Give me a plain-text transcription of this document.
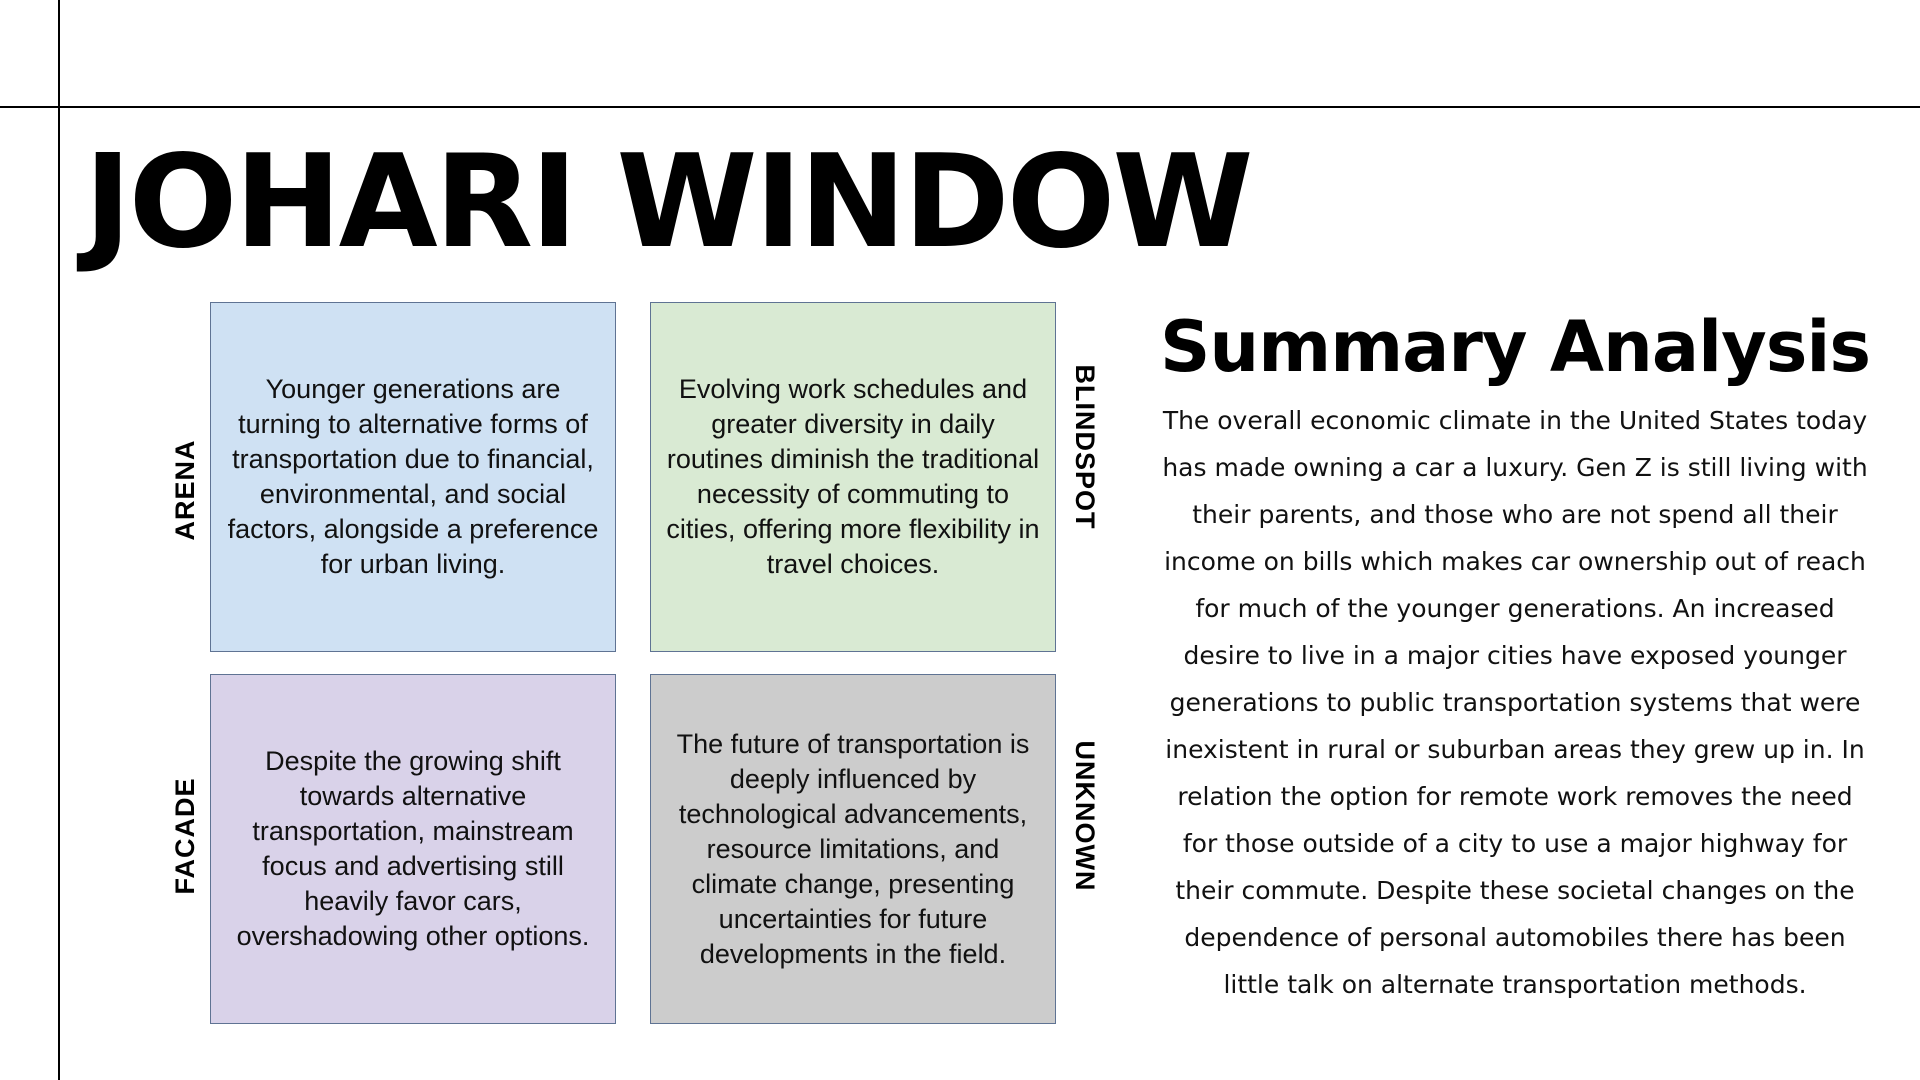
JOHARI WINDOW
ARENA
Younger generations are turning to alternative forms of transportation due to financial, environmental, and social factors, alongside a preference for urban living.
Evolving work schedules and greater diversity in daily routines diminish the traditional necessity of commuting to cities, offering more flexibility in travel choices.
BLINDSPOT
FACADE
Despite the growing shift towards alternative transportation, mainstream focus and advertising still heavily favor cars, overshadowing other options.
The future of transportation is deeply influenced by technological advancements, resource limitations, and climate change, presenting uncertainties for future developments in the field.
UNKNOWN
Summary Analysis

The overall economic climate in the United States today has made owning a car a luxury. Gen Z is still living with their parents, and those who are not spend all their income on bills which makes car ownership out of reach for much of the younger generations. An increased desire to live in a major cities have exposed younger generations to public transportation systems that were inexistent in rural or suburban areas they grew up in. In relation the option for remote work removes the need for those outside of a city to use a major highway for their commute. Despite these societal changes on the dependence of personal automobiles there has been little talk on alternate transportation methods.
